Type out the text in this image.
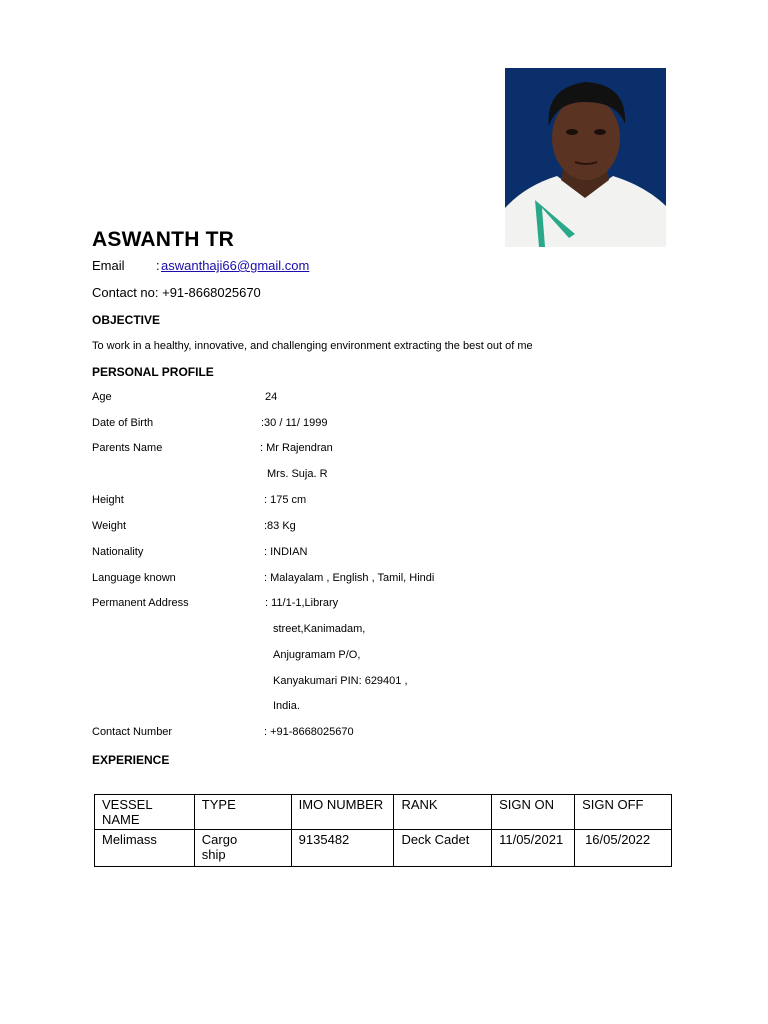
ASWANTH TR
Email : aswanthaji66@gmail.com
Contact no: +91-8668025670
OBJECTIVE
To work in a healthy, innovative, and challenging environment extracting the best out of me
PERSONAL PROFILE
Age	24
Date of Birth	:30 / 11/ 1999
Parents Name	: Mr Rajendran
Mrs. Suja. R
Height	: 175 cm
Weight	:83 Kg
Nationality	: INDIAN
Language known	: Malayalam , English , Tamil, Hindi
Permanent Address	: 11/1-1,Library
street,Kanimadam,
Anjugramam P/O,
Kanyakumari PIN: 629401 ,
India.
Contact Number	: +91-8668025670
EXPERIENCE
VESSEL NAME	TYPE	IMO NUMBER	RANK	SIGN ON	SIGN OFF
Melimass	Cargo ship	9135482	Deck Cadet	11/05/2021	16/05/2022
